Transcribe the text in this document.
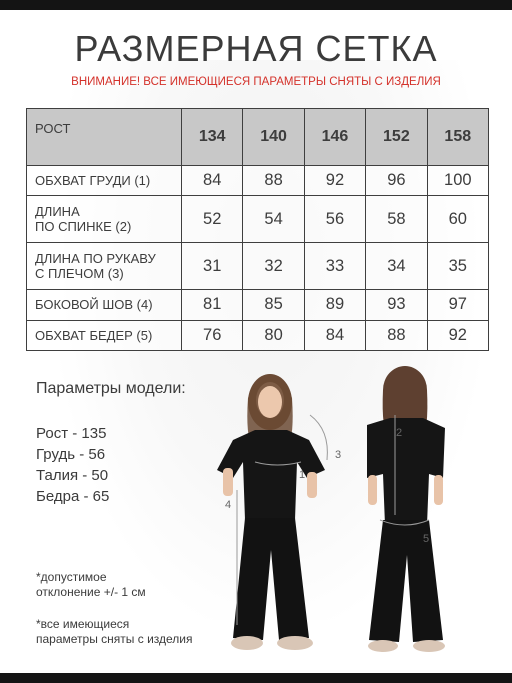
РАЗМЕРНАЯ СЕТКА
ВНИМАНИЕ! ВСЕ ИМЕЮЩИЕСЯ ПАРАМЕТРЫ СНЯТЫ С ИЗДЕЛИЯ
РОСТ	134	140	146	152	158
ОБХВАТ ГРУДИ (1)	84	88	92	96	100
ДЛИНА
ПО СПИНКЕ (2)	52	54	56	58	60
ДЛИНА ПО РУКАВУ
С ПЛЕЧОМ (3)	31	32	33	34	35
БОКОВОЙ ШОВ (4)	81	85	89	93	97
ОБХВАТ БЕДЕР (5)	76	80	84	88	92
Параметры модели:
Рост - 135
Грудь - 56
Талия - 50
Бедра - 65
*допустимое
отклонение +/- 1 см
*все имеющиеся
параметры сняты с изделия
1
2
3
4
5
